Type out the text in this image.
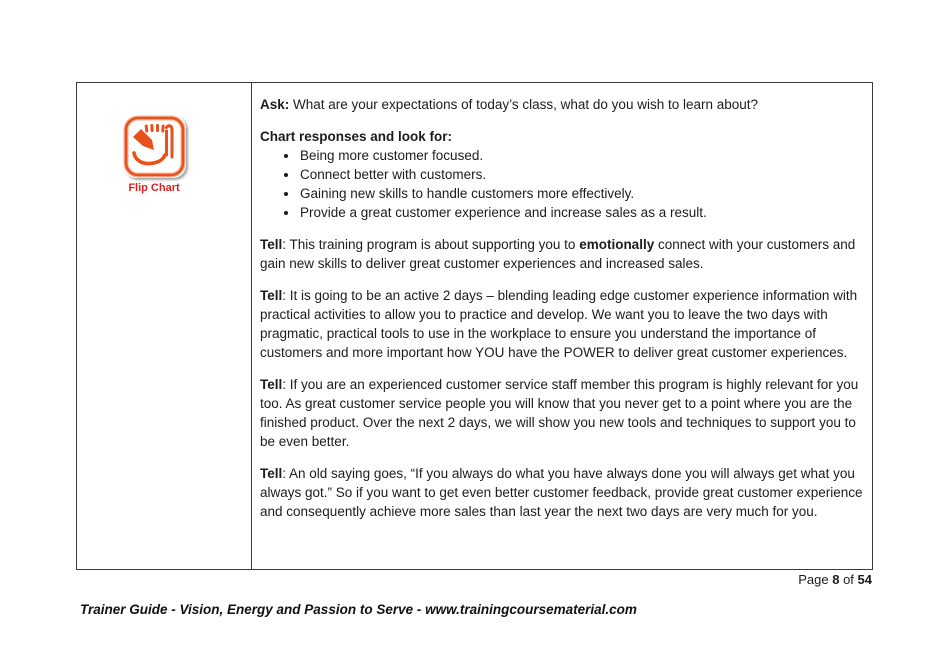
Flip Chart

Ask: What are your expectations of today’s class, what do you wish to learn about?

Chart responses and look for:

• Being more customer focused.
• Connect better with customers.
• Gaining new skills to handle customers more effectively.
• Provide a great customer experience and increase sales as a result.

Tell: This training program is about supporting you to emotionally connect with your customers and gain new skills to deliver great customer experiences and increased sales.

Tell: It is going to be an active 2 days – blending leading edge customer experience information with practical activities to allow you to practice and develop. We want you to leave the two days with pragmatic, practical tools to use in the workplace to ensure you understand the importance of customers and more important how YOU have the POWER to deliver great customer experiences.

Tell: If you are an experienced customer service staff member this program is highly relevant for you too. As great customer service people you will know that you never get to a point where you are the finished product. Over the next 2 days, we will show you new tools and techniques to support you to be even better.

Tell: An old saying goes, “If you always do what you have always done you will always get what you always got.” So if you want to get even better customer feedback, provide great customer experience and consequently achieve more sales than last year the next two days are very much for you.

Page 8 of 54
Trainer Guide - Vision, Energy and Passion to Serve - www.trainingcoursematerial.com
